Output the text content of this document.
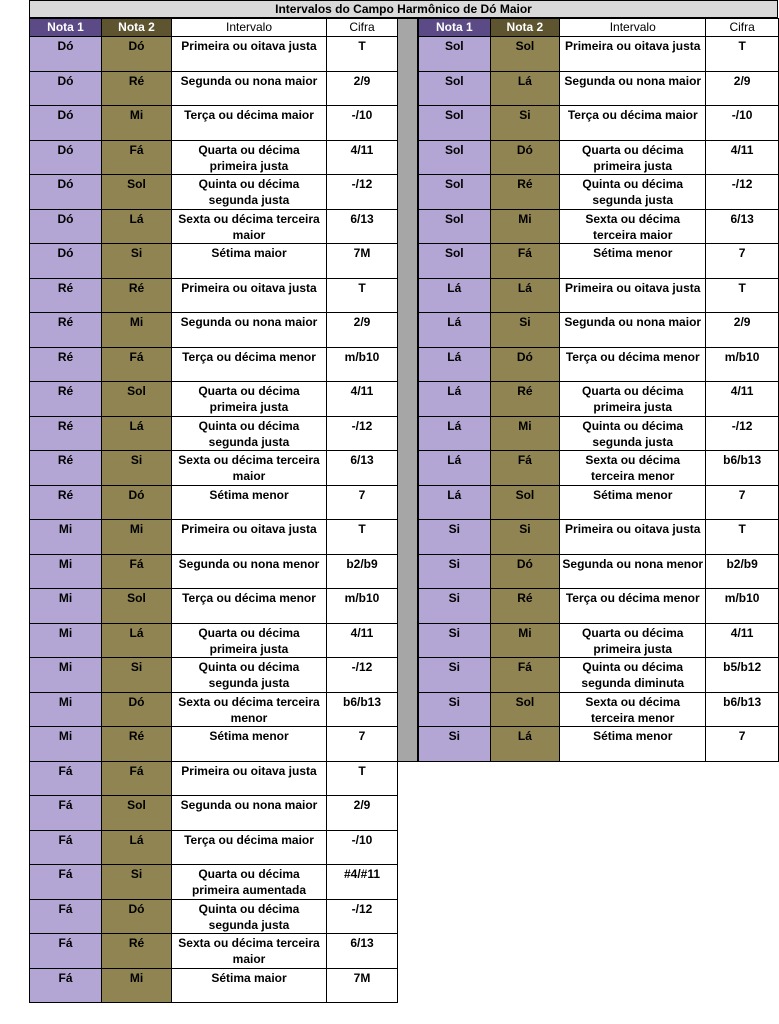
Intervalos do Campo Harmônico de Dó Maior
Nota 1	Nota 2	Intervalo	Cifra
Dó	Dó	Primeira ou oitava justa	T
Dó	Ré	Segunda ou nona maior	2/9
Dó	Mi	Terça ou décima maior	-/10
Dó	Fá	Quarta ou décima primeira justa	4/11
Dó	Sol	Quinta ou décima segunda justa	-/12
Dó	Lá	Sexta ou décima terceira maior	6/13
Dó	Si	Sétima maior	7M
Ré	Ré	Primeira ou oitava justa	T
Ré	Mi	Segunda ou nona maior	2/9
Ré	Fá	Terça ou décima menor	m/b10
Ré	Sol	Quarta ou décima primeira justa	4/11
Ré	Lá	Quinta ou décima segunda justa	-/12
Ré	Si	Sexta ou décima terceira maior	6/13
Ré	Dó	Sétima menor	7
Mi	Mi	Primeira ou oitava justa	T
Mi	Fá	Segunda ou nona menor	b2/b9
Mi	Sol	Terça ou décima menor	m/b10
Mi	Lá	Quarta ou décima primeira justa	4/11
Mi	Si	Quinta ou décima segunda justa	-/12
Mi	Dó	Sexta ou décima terceira menor	b6/b13
Mi	Ré	Sétima menor	7
Fá	Fá	Primeira ou oitava justa	T
Fá	Sol	Segunda ou nona maior	2/9
Fá	Lá	Terça ou décima maior	-/10
Fá	Si	Quarta ou décima primeira aumentada	#4/#11
Fá	Dó	Quinta ou décima segunda justa	-/12
Fá	Ré	Sexta ou décima terceira maior	6/13
Fá	Mi	Sétima maior	7M
Nota 1	Nota 2	Intervalo	Cifra
Sol	Sol	Primeira ou oitava justa	T
Sol	Lá	Segunda ou nona maior	2/9
Sol	Si	Terça ou décima maior	-/10
Sol	Dó	Quarta ou décima primeira justa	4/11
Sol	Ré	Quinta ou décima segunda justa	-/12
Sol	Mi	Sexta ou décima terceira maior	6/13
Sol	Fá	Sétima menor	7
Lá	Lá	Primeira ou oitava justa	T
Lá	Si	Segunda ou nona maior	2/9
Lá	Dó	Terça ou décima menor	m/b10
Lá	Ré	Quarta ou décima primeira justa	4/11
Lá	Mi	Quinta ou décima segunda justa	-/12
Lá	Fá	Sexta ou décima terceira menor	b6/b13
Lá	Sol	Sétima menor	7
Si	Si	Primeira ou oitava justa	T
Si	Dó	Segunda ou nona menor	b2/b9
Si	Ré	Terça ou décima menor	m/b10
Si	Mi	Quarta ou décima primeira justa	4/11
Si	Fá	Quinta ou décima segunda diminuta	b5/b12
Si	Sol	Sexta ou décima terceira menor	b6/b13
Si	Lá	Sétima menor	7
